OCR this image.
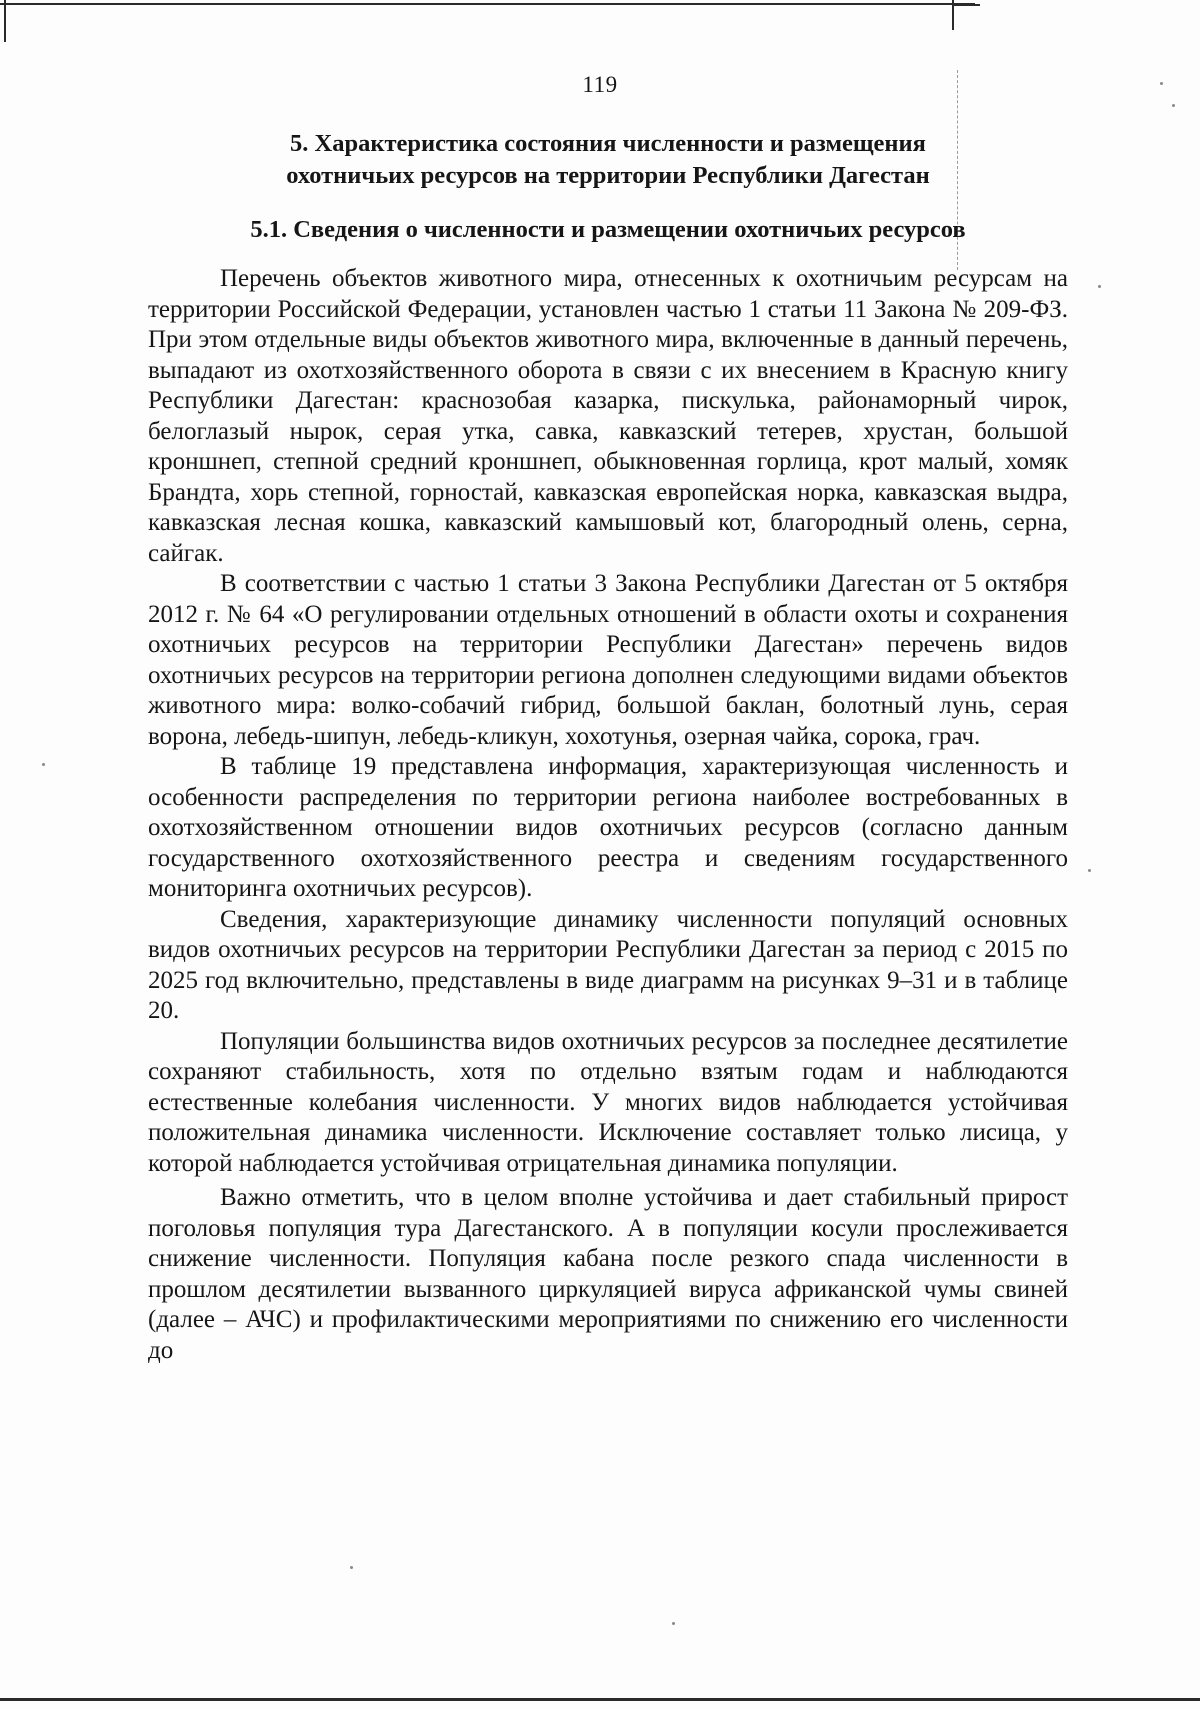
119
5. Характеристика состояния численности и размещения
охотничьих ресурсов на территории Республики Дагестан
5.1. Сведения о численности и размещении охотничьих ресурсов

Перечень объектов животного мира, отнесенных к охотничьим ресурсам на территории Российской Федерации, установлен частью 1 статьи 11 Закона № 209-ФЗ. При этом отдельные виды объектов животного мира, включенные в данный перечень, выпадают из охотхозяйственного оборота в связи с их внесением в Красную книгу Республики Дагестан: краснозобая казарка, пискулька, районаморный чирок, белоглазый нырок, серая утка, савка, кавказский тетерев, хрустан, большой кроншнеп, степной средний кроншнеп, обыкновенная горлица, крот малый, хомяк Брандта, хорь степной, горностай, кавказская европейская норка, кавказская выдра, кавказская лесная кошка, кавказский камышовый кот, благородный олень, серна, сайгак.

В соответствии с частью 1 статьи 3 Закона Республики Дагестан от 5 октября 2012 г. № 64 «О регулировании отдельных отношений в области охоты и сохранения охотничьих ресурсов на территории Республики Дагестан» перечень видов охотничьих ресурсов на территории региона дополнен следующими видами объектов животного мира: волко-собачий гибрид, большой баклан, болотный лунь, серая ворона, лебедь-шипун, лебедь-кликун, хохотунья, озерная чайка, сорока, грач.

В таблице 19 представлена информация, характеризующая численность и особенности распределения по территории региона наиболее востребованных в охотхозяйственном отношении видов охотничьих ресурсов (согласно данным государственного охотхозяйственного реестра и сведениям государственного мониторинга охотничьих ресурсов).

Сведения, характеризующие динамику численности популяций основных видов охотничьих ресурсов на территории Республики Дагестан за период с 2015 по 2025 год включительно, представлены в виде диаграмм на рисунках 9–31 и в таблице 20.

Популяции большинства видов охотничьих ресурсов за последнее десятилетие сохраняют стабильность, хотя по отдельно взятым годам и наблюдаются естественные колебания численности. У многих видов наблюдается устойчивая положительная динамика численности. Исключение составляет только лисица, у которой наблюдается устойчивая отрицательная динамика популяции.

Важно отметить, что в целом вполне устойчива и дает стабильный прирост поголовья популяция тура Дагестанского. А в популяции косули прослеживается снижение численности. Популяция кабана после резкого спада численности в прошлом десятилетии вызванного циркуляцией вируса африканской чумы свиней (далее – АЧС) и профилактическими мероприятиями по снижению его численности до
